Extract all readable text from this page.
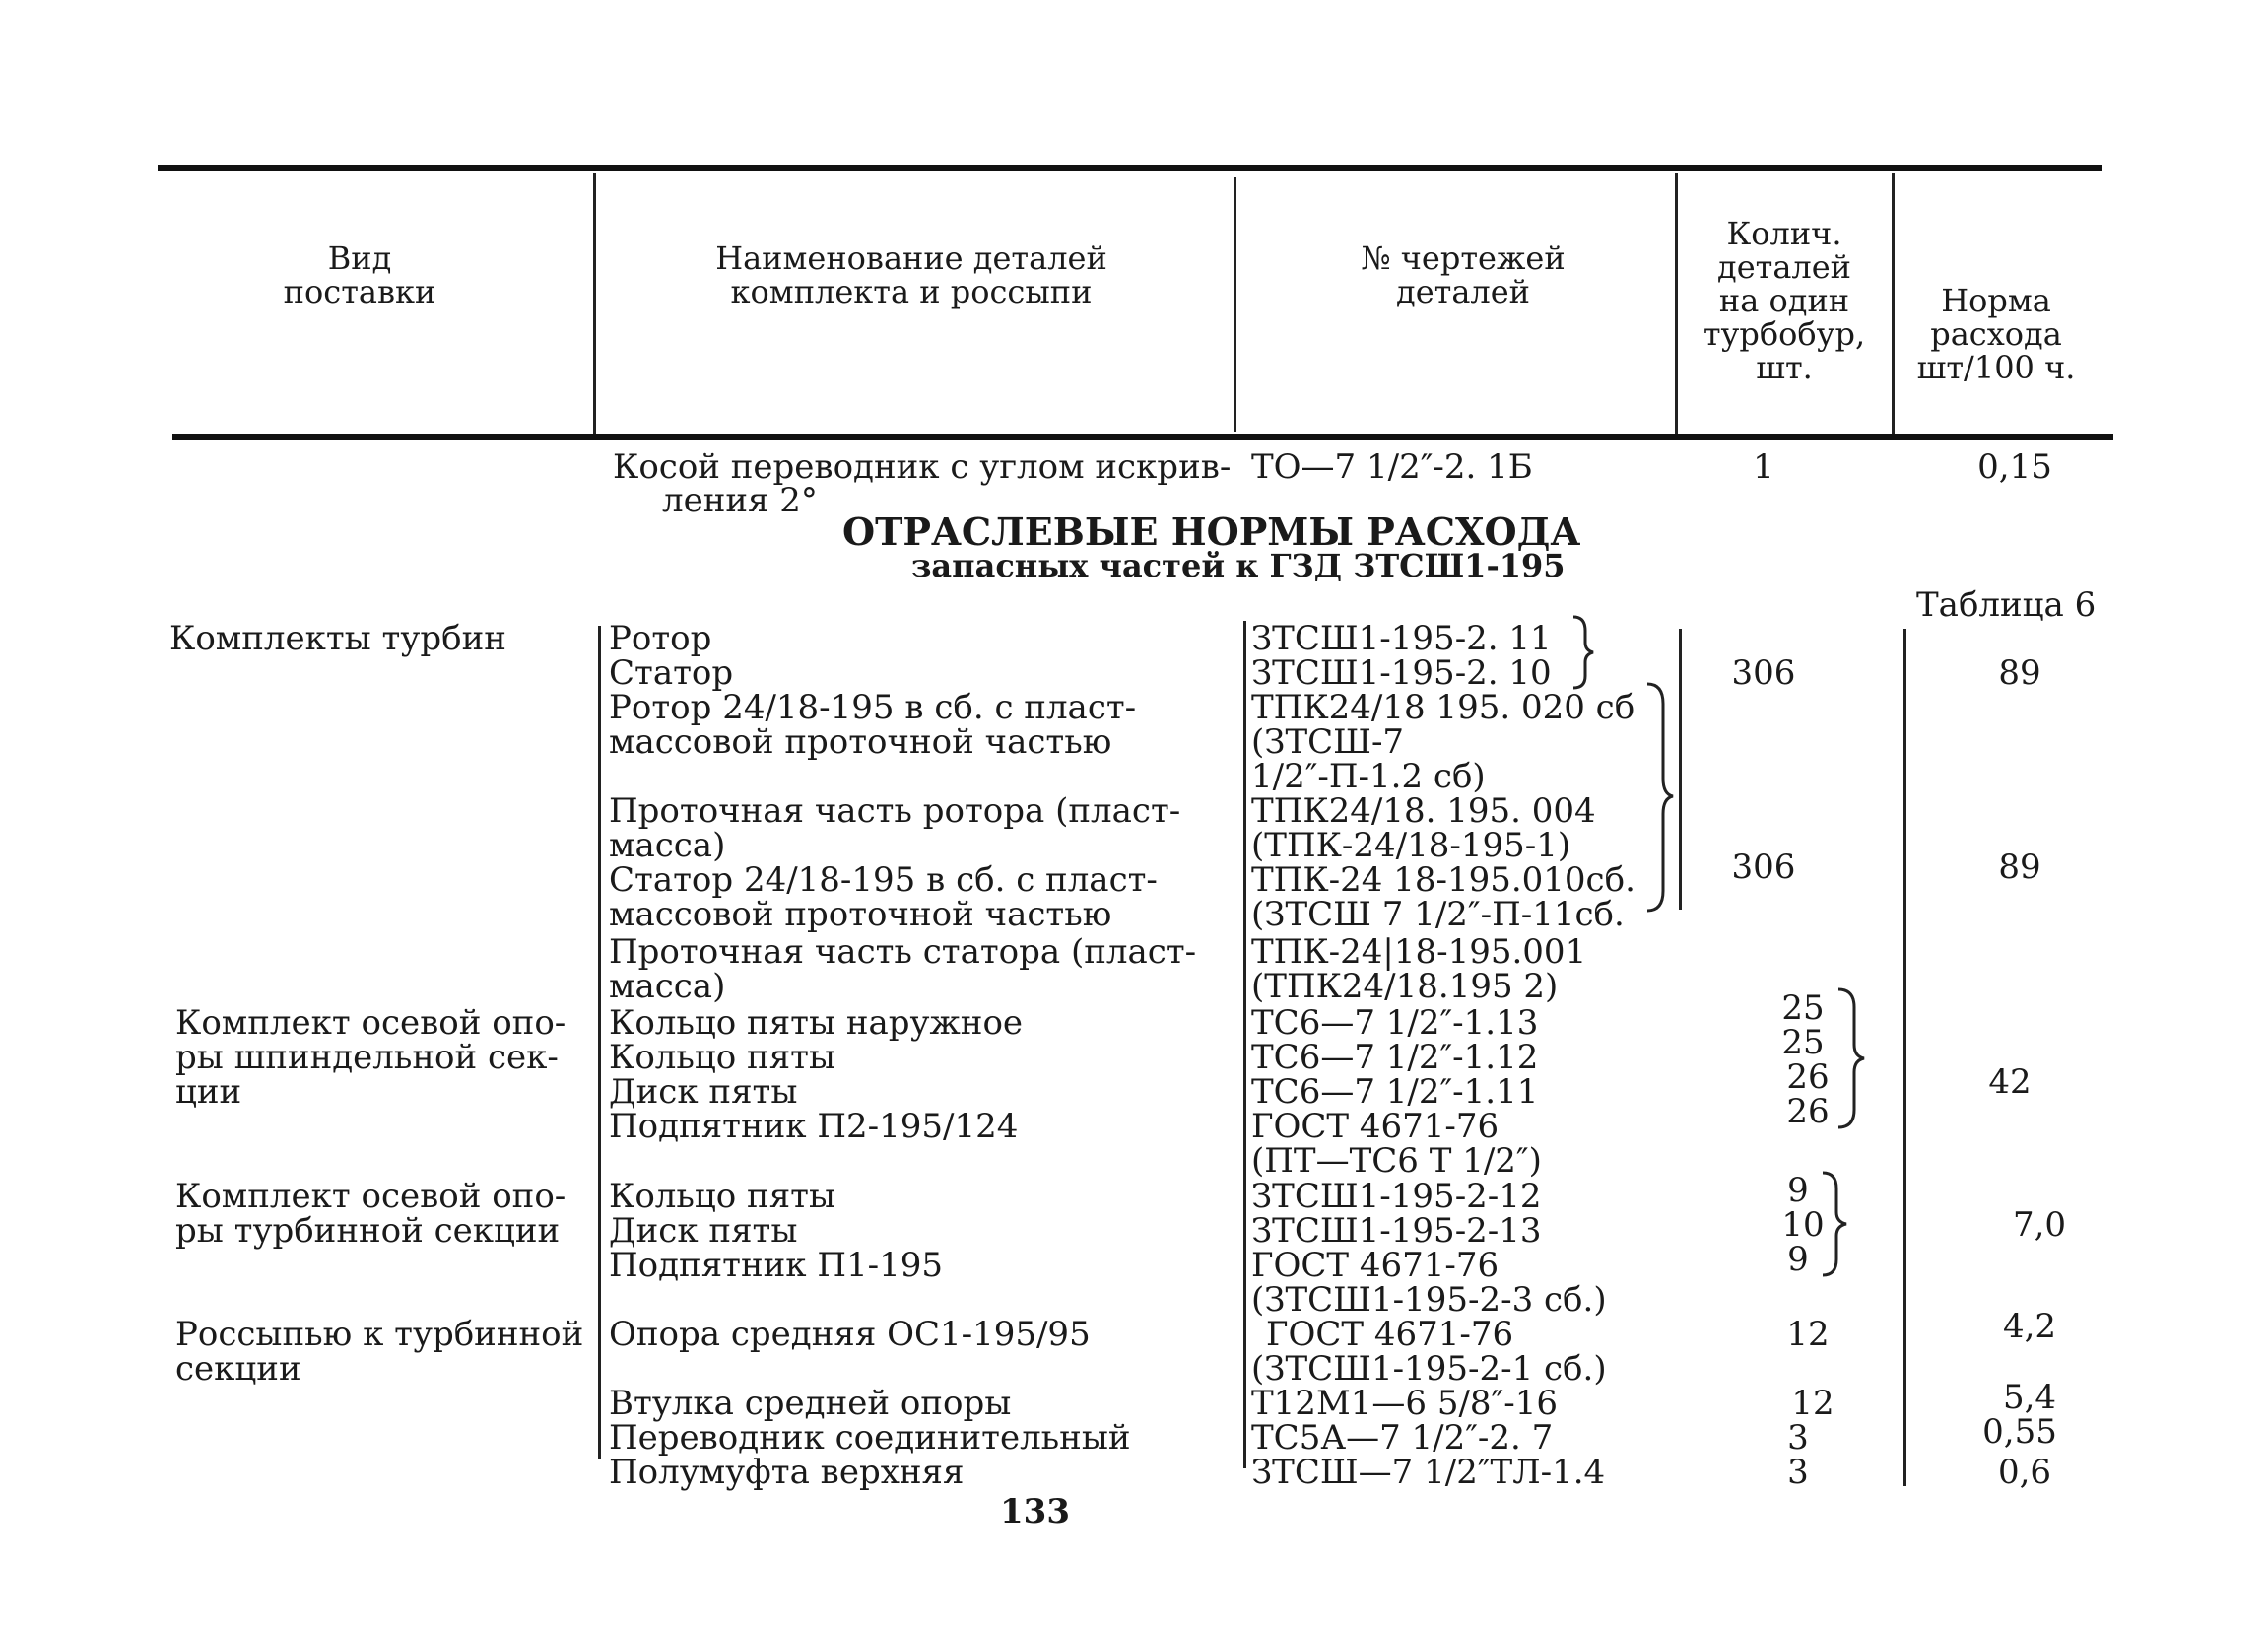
Вид
поставки
Наименование деталей
комплекта и россыпи
№ чертежей
деталей
Колич.
деталей
на один
турбобур,
шт.
Норма
расхода
шт/100 ч.
Косой переводник с углом искрив-
ления 2°
ТО—7 1/2″-2. 1Б	1	0,15
ОТРАСЛЕВЫЕ НОРМЫ РАСХОДА
запасных частей к ГЗД ЗТСШ1-195
Таблица 6
Комплекты турбин
Комплект осевой опо-
ры шпиндельной сек-
ции
Комплект осевой опо-
ры турбинной секции
Россыпью к турбинной
секции
Ротор
Статор
Ротор 24/18-195 в сб. с пласт-
массовой проточной частью
Проточная часть ротора (пласт-
масса)
Статор 24/18-195 в сб. с пласт-
массовой проточной частью
Проточная часть статора (пласт-
масса)
Кольцо пяты наружное
Кольцо пяты
Диск пяты
Подпятник П2-195/124
Кольцо пяты
Диск пяты
Подпятник П1-195
Опора средняя ОС1-195/95
Втулка средней опоры
Переводник соединительный
Полумуфта верхняя
ЗТСШ1-195-2. 11
ЗТСШ1-195-2. 10
ТПК24/18 195. 020 сб
(ЗТСШ-7
1/2″-П-1.2 сб)
ТПК24/18. 195. 004
(ТПК-24/18-195-1)
ТПК-24 18-195.010сб.
(ЗТСШ 7 1/2″-П-11сб.
ТПК-24|18-195.001
(ТПК24/18.195 2)
ТС6—7 1/2″-1.13
ТС6—7 1/2″-1.12
ТС6—7 1/2″-1.11
ГОСТ 4671-76
(ПТ—ТС6 Т 1/2″)
ЗТСШ1-195-2-12
ЗТСШ1-195-2-13
ГОСТ 4671-76
(ЗТСШ1-195-2-3 сб.)
ГОСТ 4671-76
(ЗТСШ1-195-2-1 сб.)
Т12М1—6 5/8″-16
ТС5А—7 1/2″-2. 7
ЗТСШ—7 1/2″ТЛ-1.4
306
306
25
25
26
26
9
10
9
12
12
3
3
89
89
42
7,0
4,2
5,4
0,55
0,6
133
